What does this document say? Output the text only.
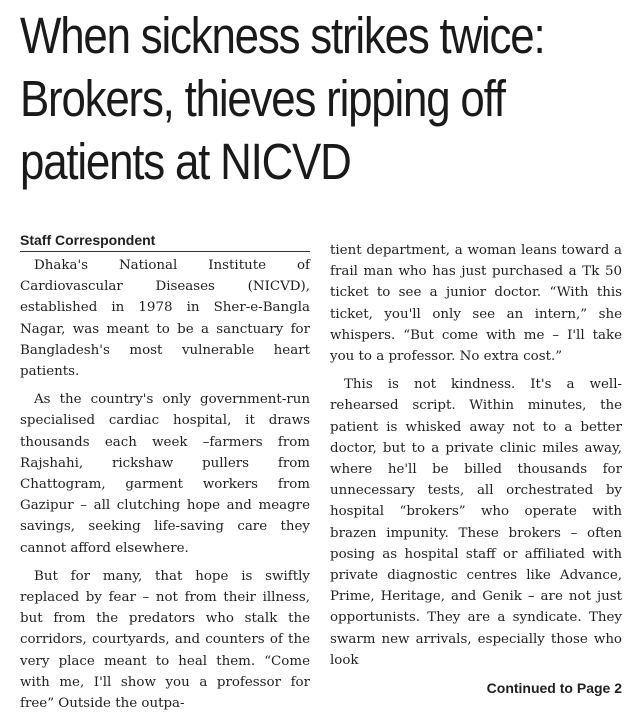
When sickness strikes twice:
Brokers, thieves ripping off
patients at NICVD
Staff Correspondent

Dhaka's National Institute of Cardiovascular Diseases (NICVD), established in 1978 in Sher-e-Bangla Nagar, was meant to be a sanctuary for Bangladesh's most vulnerable heart patients.

As the country's only government-run specialised cardiac hospital, it draws thousands each week –farmers from Rajshahi, rickshaw pullers from Chattogram, garment workers from Gazipur – all clutching hope and meagre savings, seeking life-saving care they cannot afford elsewhere.

But for many, that hope is swiftly replaced by fear – not from their illness, but from the predators who stalk the corridors, courtyards, and counters of the very place meant to heal them. “Come with me, I'll show you a professor for free” Outside the outpa-

tient department, a woman leans toward a frail man who has just purchased a Tk 50 ticket to see a junior doctor. “With this ticket, you'll only see an intern,” she whispers. “But come with me – I'll take you to a professor. No extra cost.”

This is not kindness. It's a well-rehearsed script. Within minutes, the patient is whisked away not to a better doctor, but to a private clinic miles away, where he'll be billed thousands for unnecessary tests, all orchestrated by hospital “brokers” who operate with brazen impunity. These brokers – often posing as hospital staff or affiliated with private diagnostic centres like Advance, Prime, Heritage, and Genik – are not just opportunists. They are a syndicate. They swarm new arrivals, especially those who look

Continued to Page 2
